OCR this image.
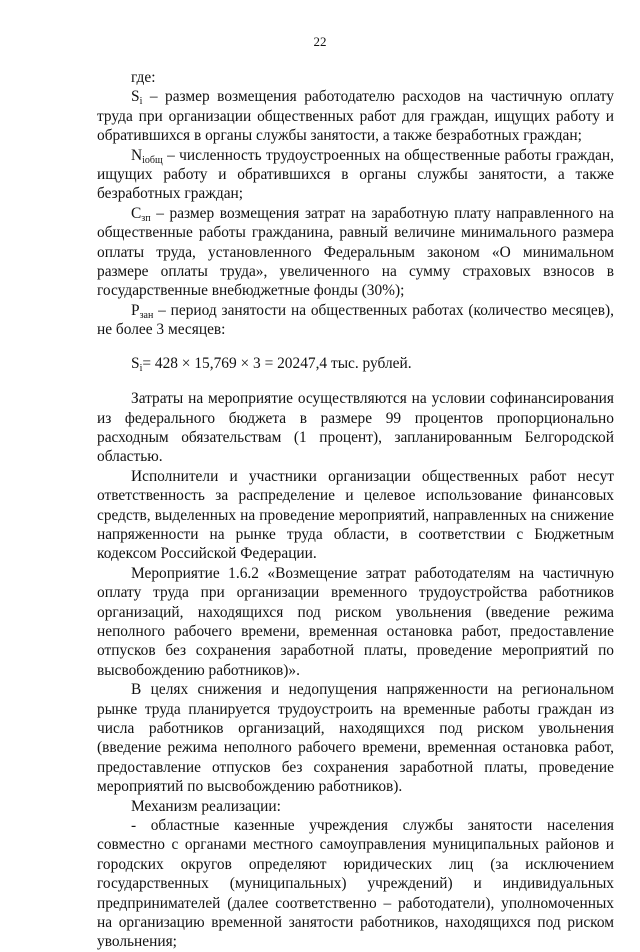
22

где:

$S_i$ – размер возмещения работодателю расходов на частичную оплату труда при организации общественных работ для граждан, ищущих работу и обратившихся в органы службы занятости, а также безработных граждан;

$N_{iобщ}$ – численность трудоустроенных на общественные работы граждан, ищущих работу и обратившихся в органы службы занятости, а также безработных граждан;

$С_{зп}$ – размер возмещения затрат на заработную плату направленного на общественные работы гражданина, равный величине минимального размера оплаты труда, установленного Федеральным законом «О минимальном размере оплаты труда», увеличенного на сумму страховых взносов в государственные внебюджетные фонды (30%);

$Р_{зан}$ – период занятости на общественных работах (количество месяцев), не более 3 месяцев:

$S_i= 428 \times 15,769 \times 3 = 20247,4$ тыс. рублей.

Затраты на мероприятие осуществляются на условии софинансирования из федерального бюджета в размере 99 процентов пропорционально расходным обязательствам (1 процент), запланированным Белгородской областью.

Исполнители и участники организации общественных работ несут ответственность за распределение и целевое использование финансовых средств, выделенных на проведение мероприятий, направленных на снижение напряженности на рынке труда области, в соответствии с Бюджетным кодексом Российской Федерации.

Мероприятие 1.6.2 «Возмещение затрат работодателям на частичную оплату труда при организации временного трудоустройства работников организаций, находящихся под риском увольнения (введение режима неполного рабочего времени, временная остановка работ, предоставление отпусков без сохранения заработной платы, проведение мероприятий по высвобождению работников)».

В целях снижения и недопущения напряженности на региональном рынке труда планируется трудоустроить на временные работы граждан из числа работников организаций, находящихся под риском увольнения (введение режима неполного рабочего времени, временная остановка работ, предоставление отпусков без сохранения заработной платы, проведение мероприятий по высвобождению работников).

Механизм реализации:

- областные казенные учреждения службы занятости населения совместно с органами местного самоуправления муниципальных районов и городских округов определяют юридических лиц (за исключением государственных (муниципальных) учреждений) и индивидуальных предпринимателей (далее соответственно – работодатели), уполномоченных на организацию временной занятости работников, находящихся под риском увольнения;
